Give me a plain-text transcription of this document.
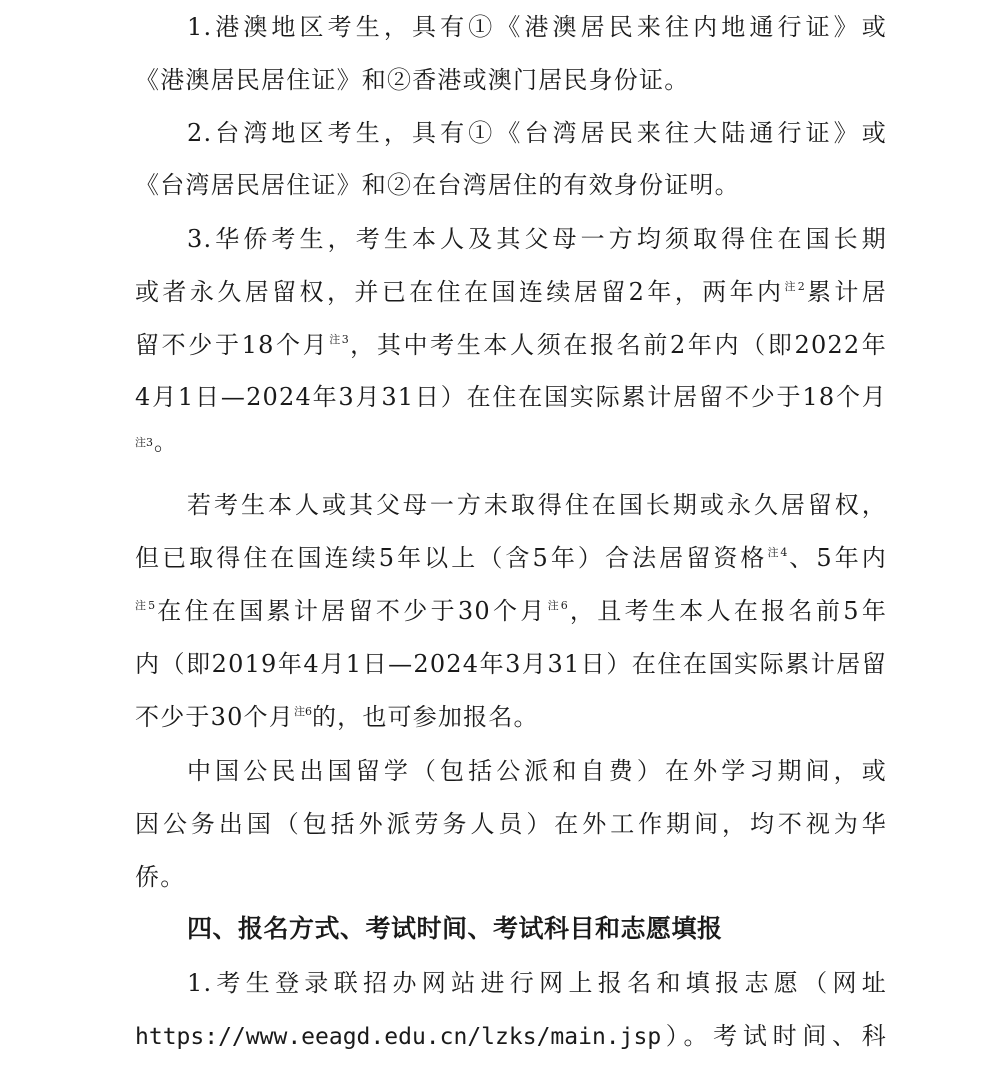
1.港澳地区考生，具有①《港澳居民来往内地通行证》或
《港澳居民居住证》和②香港或澳门居民身份证。
2.台湾地区考生，具有①《台湾居民来往大陆通行证》或
《台湾居民居住证》和②在台湾居住的有效身份证明。
3.华侨考生，考生本人及其父母一方均须取得住在国长期
或者永久居留权，并已在住在国连续居留2年，两年内$^{注2}$累计居
留不少于18个月$^{注3}$，其中考生本人须在报名前2年内（即2022年
4月1日—2024年3月31日）在住在国实际累计居留不少于18个月
注3。
若考生本人或其父母一方未取得住在国长期或永久居留权，
但已取得住在国连续5年以上（含5年）合法居留资格$^{注4}$、5年内
$^{注5}$在住在国累计居留不少于30个月$^{注6}$，且考生本人在报名前5年
内（即2019年4月1日—2024年3月31日）在住在国实际累计居留
不少于30个月$^{注6}$的，也可参加报名。
中国公民出国留学（包括公派和自费）在外学习期间，或
因公务出国（包括外派劳务人员）在外工作期间，均不视为华
侨。
四、报名方式、考试时间、考试科目和志愿填报
1.考生登录联招办网站进行网上报名和填报志愿（网址
https://www.eeagd.edu.cn/lzks/main.jsp）。考试时间、科
